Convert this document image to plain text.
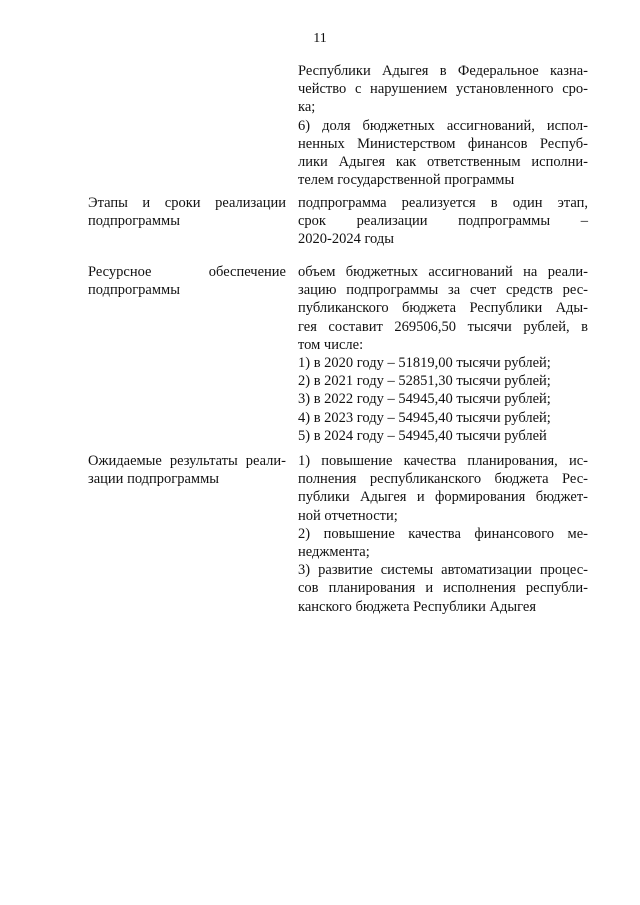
11
Республики Адыгея в Федеральное казна-
чейство с нарушением установленного сро-
ка;
6) доля бюджетных ассигнований, испол-
ненных Министерством финансов Респуб-
лики Адыгея как ответственным исполни-
телем государственной программы
Этапы и сроки реализации
подпрограммы
подпрограмма реализуется в один этап,
срок реализации подпрограммы –
2020-2024 годы
Ресурсное обеспечение
подпрограммы
объем бюджетных ассигнований на реали-
зацию подпрограммы за счет средств рес-
публиканского бюджета Республики Ады-
гея составит 269506,50 тысячи рублей, в
том числе:
1) в 2020 году – 51819,00 тысячи рублей;
2) в 2021 году – 52851,30 тысячи рублей;
3) в 2022 году – 54945,40 тысячи рублей;
4) в 2023 году – 54945,40 тысячи рублей;
5) в 2024 году – 54945,40 тысячи рублей
Ожидаемые результаты реали-
зации подпрограммы
1) повышение качества планирования, ис-
полнения республиканского бюджета Рес-
публики Адыгея и формирования бюджет-
ной отчетности;
2) повышение качества финансового ме-
неджмента;
3) развитие системы автоматизации процес-
сов планирования и исполнения республи-
канского бюджета Республики Адыгея
